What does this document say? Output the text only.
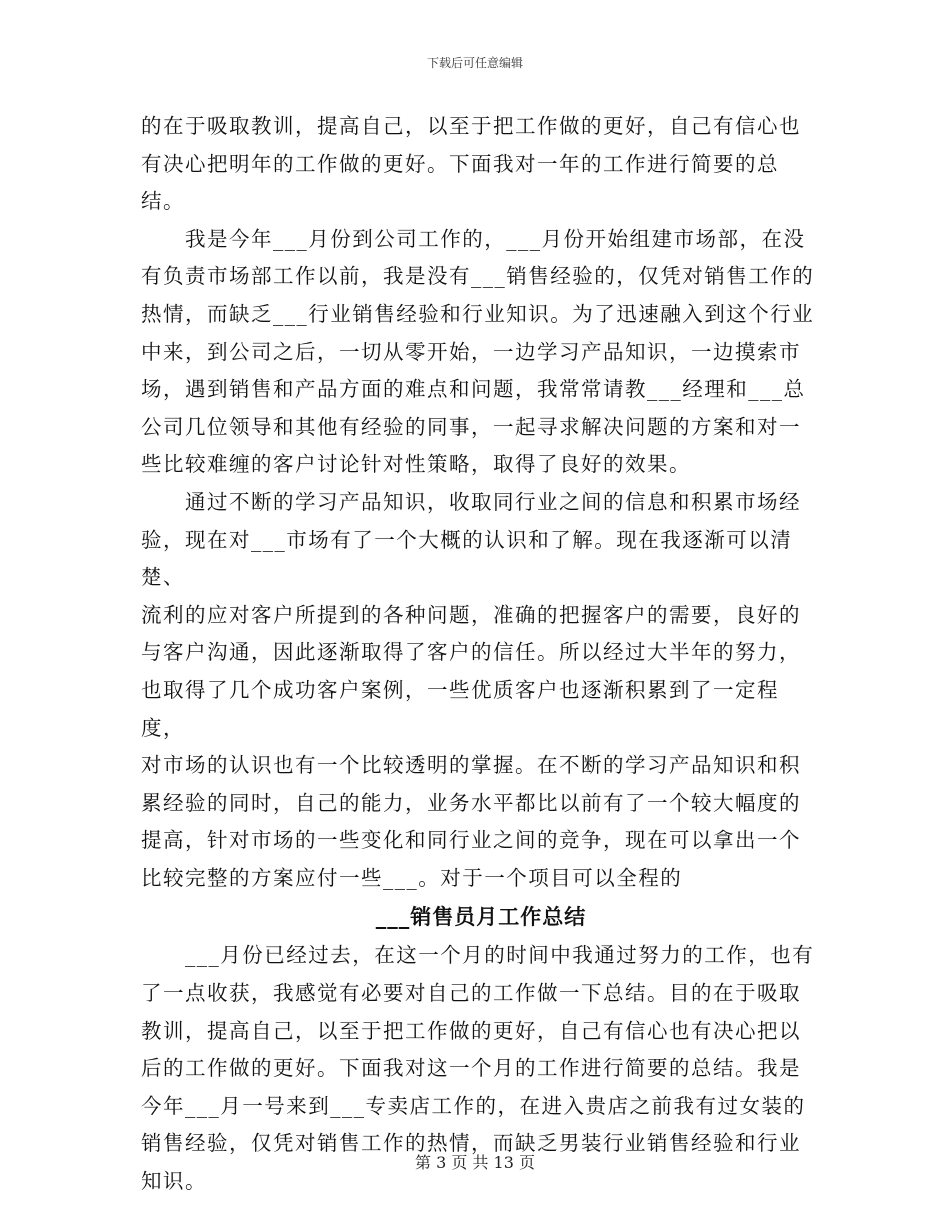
下载后可任意编辑
的在于吸取教训，提高自己，以至于把工作做的更好，自己有信心也
有决心把明年的工作做的更好。下面我对一年的工作进行简要的总结。
　　我是今年___月份到公司工作的，___月份开始组建市场部，在没
有负责市场部工作以前，我是没有___销售经验的，仅凭对销售工作的
热情，而缺乏___行业销售经验和行业知识。为了迅速融入到这个行业
中来，到公司之后，一切从零开始，一边学习产品知识，一边摸索市
场，遇到销售和产品方面的难点和问题，我常常请教___经理和___总
公司几位领导和其他有经验的同事，一起寻求解决问题的方案和对一
些比较难缠的客户讨论针对性策略，取得了良好的效果。
　　通过不断的学习产品知识，收取同行业之间的信息和积累市场经
验，现在对___市场有了一个大概的认识和了解。现在我逐渐可以清楚、
流利的应对客户所提到的各种问题，准确的把握客户的需要，良好的
与客户沟通，因此逐渐取得了客户的信任。所以经过大半年的努力，
也取得了几个成功客户案例，一些优质客户也逐渐积累到了一定程度，
对市场的认识也有一个比较透明的掌握。在不断的学习产品知识和积
累经验的同时，自己的能力，业务水平都比以前有了一个较大幅度的
提高，针对市场的一些变化和同行业之间的竞争，现在可以拿出一个
比较完整的方案应付一些___。对于一个项目可以全程的
___销售员月工作总结
　　___月份已经过去，在这一个月的时间中我通过努力的工作，也有
了一点收获，我感觉有必要对自己的工作做一下总结。目的在于吸取
教训，提高自己，以至于把工作做的更好，自己有信心也有决心把以
后的工作做的更好。下面我对这一个月的工作进行简要的总结。我是
今年___月一号来到___专卖店工作的，在进入贵店之前我有过女装的
销售经验，仅凭对销售工作的热情，而缺乏男装行业销售经验和行业
知识。
第 3 页 共 13 页
